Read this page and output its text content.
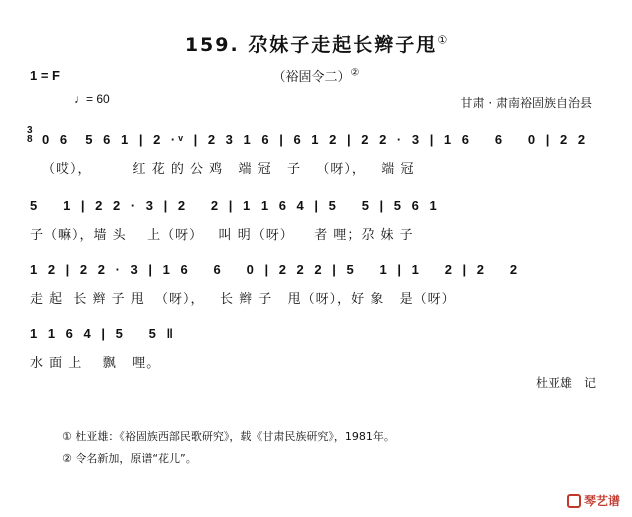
159. 尕妹子走起长辫子甩①
（裕固令二）②
1 = F
♩= 60	甘肃 · 肃南裕固族自治县
3
8 0 6  5 6 1 | 2 ·ᵛ | 2 3 1 6 | 6 1 2 | 2 2 · 3 | 1 6   6   0 | 2 2
（哎），        红 花 的 公 鸡   端 冠   子   （呀），   端 冠
5   1 | 2 2 · 3 | 2   2 | 1 1 6 4 | 5   5 | 5 6 1
子（嘛），墙 头    上（呀）   叫 明（呀）    者 哩；尕 妹 子
1 2 | 2 2 · 3 | 1 6   6   0 | 2 2 2 | 5   1 | 1   2 | 2   2
走 起  长 辫 子 甩  （呀），   长 辫 子   甩（呀），好 象   是（呀）
1 1 6 4 | 5   5 ‖
水 面 上    飘   哩。
杜亚雄　记
① 杜亚雄：《裕固族西部民歌研究》，载《甘肃民族研究》，1981年。
② 令名新加，原谱“花儿”。
琴艺谱
